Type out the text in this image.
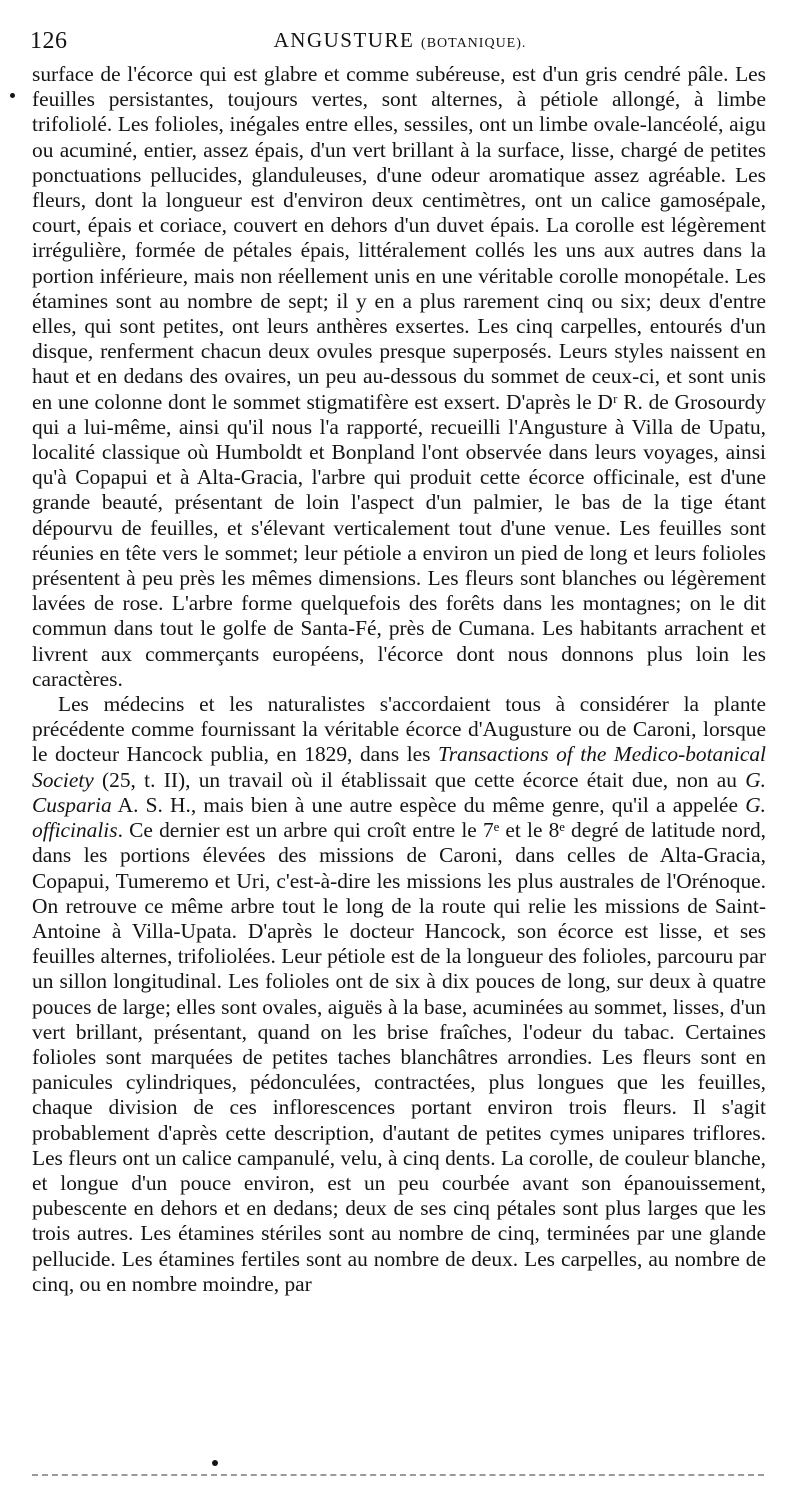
126	ANGUSTURE (BOTANIQUE).

surface de l'écorce qui est glabre et comme subéreuse, est d'un gris cendré pâle. Les feuilles persistantes, toujours vertes, sont alternes, à pétiole allongé, à limbe trifoliolé. Les folioles, inégales entre elles, sessiles, ont un limbe ovale-lancéolé, aigu ou acuminé, entier, assez épais, d'un vert brillant à la surface, lisse, chargé de petites ponctuations pellucides, glanduleuses, d'une odeur aromatique assez agréable. Les fleurs, dont la longueur est d'environ deux centimètres, ont un calice gamosépale, court, épais et coriace, couvert en dehors d'un duvet épais. La corolle est légèrement irrégulière, formée de pétales épais, littéralement collés les uns aux autres dans la portion inférieure, mais non réellement unis en une véritable corolle monopétale. Les étamines sont au nombre de sept; il y en a plus rarement cinq ou six; deux d'entre elles, qui sont petites, ont leurs anthères exsertes. Les cinq carpelles, entourés d'un disque, renferment chacun deux ovules presque superposés. Leurs styles naissent en haut et en dedans des ovaires, un peu au-dessous du sommet de ceux-ci, et sont unis en une colonne dont le sommet stigmatifère est exsert. D'après le Dʳ R. de Grosourdy qui a lui-même, ainsi qu'il nous l'a rapporté, recueilli l'Angusture à Villa de Upatu, localité classique où Humboldt et Bonpland l'ont observée dans leurs voyages, ainsi qu'à Copapui et à Alta-Gracia, l'arbre qui produit cette écorce officinale, est d'une grande beauté, présentant de loin l'aspect d'un palmier, le bas de la tige étant dépourvu de feuilles, et s'élevant verticalement tout d'une venue. Les feuilles sont réunies en tête vers le sommet; leur pétiole a environ un pied de long et leurs folioles présentent à peu près les mêmes dimensions. Les fleurs sont blanches ou légèrement lavées de rose. L'arbre forme quelquefois des forêts dans les montagnes; on le dit commun dans tout le golfe de Santa-Fé, près de Cumana. Les habitants arrachent et livrent aux commerçants européens, l'écorce dont nous donnons plus loin les caractères.

Les médecins et les naturalistes s'accordaient tous à considérer la plante précédente comme fournissant la véritable écorce d'Augusture ou de Caroni, lorsque le docteur Hancock publia, en 1829, dans les Transactions of the Medico-botanical Society (25, t. II), un travail où il établissait que cette écorce était due, non au G. Cusparia A. S. H., mais bien à une autre espèce du même genre, qu'il a appelée G. officinalis. Ce dernier est un arbre qui croît entre le 7ᵉ et le 8ᵉ degré de latitude nord, dans les portions élevées des missions de Caroni, dans celles de Alta-Gracia, Copapui, Tumeremo et Uri, c'est-à-dire les missions les plus australes de l'Orénoque. On retrouve ce même arbre tout le long de la route qui relie les missions de Saint-Antoine à Villa-Upata. D'après le docteur Hancock, son écorce est lisse, et ses feuilles alternes, trifoliolées. Leur pétiole est de la longueur des folioles, parcouru par un sillon longitudinal. Les folioles ont de six à dix pouces de long, sur deux à quatre pouces de large; elles sont ovales, aiguës à la base, acuminées au sommet, lisses, d'un vert brillant, présentant, quand on les brise fraîches, l'odeur du tabac. Certaines folioles sont marquées de petites taches blanchâtres arrondies. Les fleurs sont en panicules cylindriques, pédonculées, contractées, plus longues que les feuilles, chaque division de ces inflorescences portant environ trois fleurs. Il s'agit probablement d'après cette description, d'autant de petites cymes unipares triflores. Les fleurs ont un calice campanulé, velu, à cinq dents. La corolle, de couleur blanche, et longue d'un pouce environ, est un peu courbée avant son épanouissement, pubescente en dehors et en dedans; deux de ses cinq pétales sont plus larges que les trois autres. Les étamines stériles sont au nombre de cinq, terminées par une glande pellucide. Les étamines fertiles sont au nombre de deux. Les carpelles, au nombre de cinq, ou en nombre moindre, par
